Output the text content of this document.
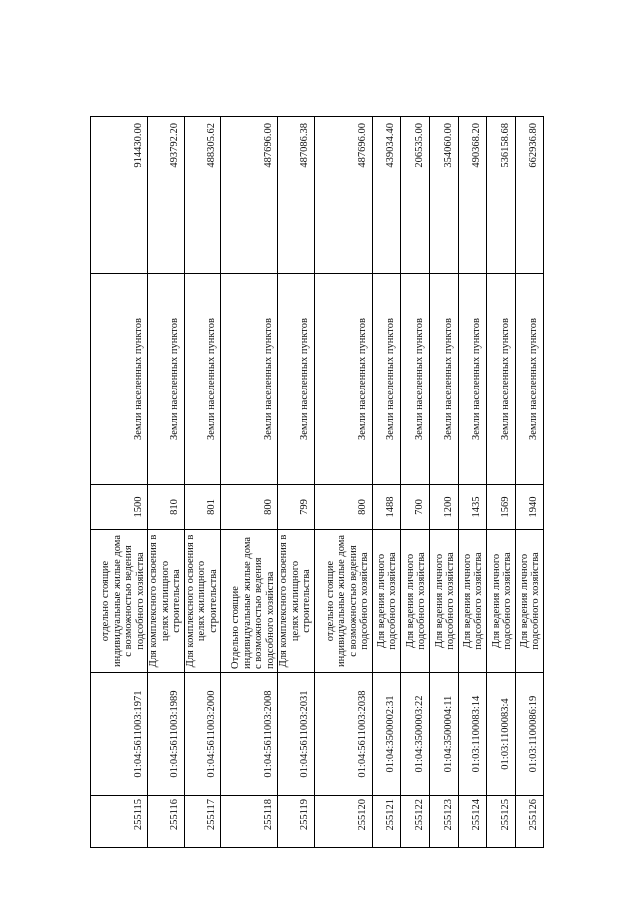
255115	01:04:5611003:1971	отдельно стоящие индивидуальные жилые дома с возможностью ведения подсобного хозяйства	1500	Земли населенных пунктов	914430.00
255116	01:04:5611003:1989	Для комплексного освоения в целях жилищного строительства	810	Земли населенных пунктов	493792.20
255117	01:04:5611003:2000	Для комплексного освоения в целях жилищного строительства	801	Земли населенных пунктов	488305.62
255118	01:04:5611003:2008	Отдельно стоящие индивидуальные жилые дома с возможностью ведения подсобного хозяйства	800	Земли населенных пунктов	487696.00
255119	01:04:5611003:2031	Для комплексного освоения в целях жилищного строительства	799	Земли населенных пунктов	487086.38
255120	01:04:5611003:2038	отдельно стоящие индивидуальные жилые дома с возможностью ведения подсобного хозяйства	800	Земли населенных пунктов	487696.00
255121	01:04:3500002:31	Для ведения личного подсобного хозяйства	1488	Земли населенных пунктов	439034.40
255122	01:04:3500003:22	Для ведения личного подсобного хозяйства	700	Земли населенных пунктов	206535.00
255123	01:04:3500004:11	Для ведения личного подсобного хозяйства	1200	Земли населенных пунктов	354060.00
255124	01:03:1100083:14	Для ведения личного подсобного хозяйства	1435	Земли населенных пунктов	490368.20
255125	01:03:1100083:4	Для ведения личного подсобного хозяйства	1569	Земли населенных пунктов	536158.68
255126	01:03:1100086:19	Для ведения личного подсобного хозяйства	1940	Земли населенных пунктов	662936.80
